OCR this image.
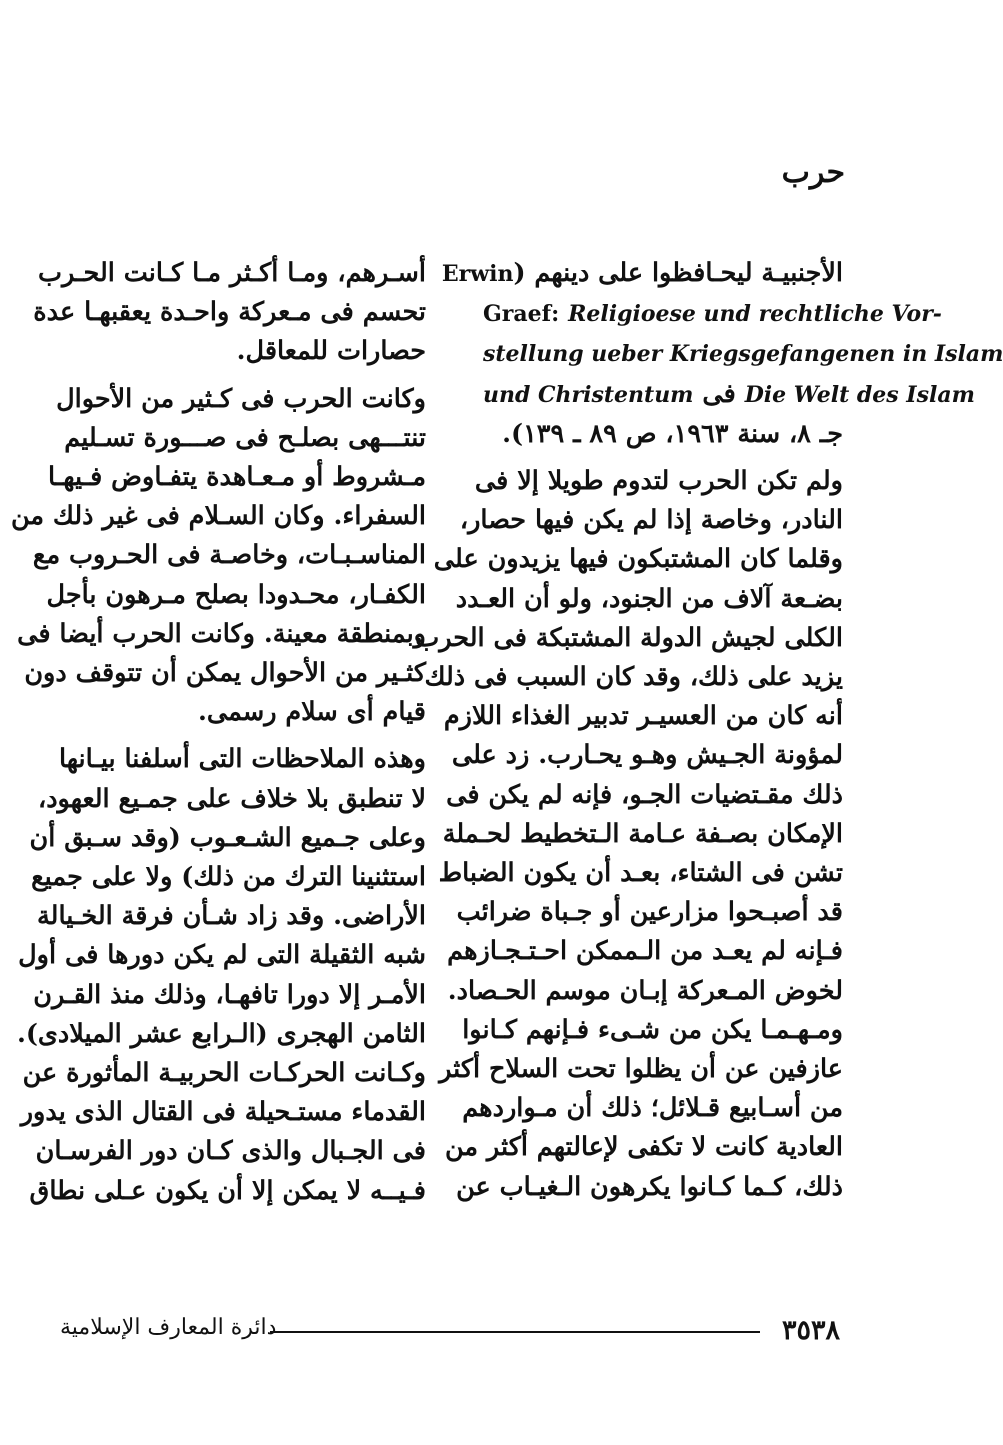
حرب
الأجنبيـة ليحـافظوا على دينهم (Erwin
Graef: Religioese und rechtliche Vor-
stellung ueber Kriegsgefangenen in Islam
und Christentum فى Die Welt des Islam
جـ ٨، سنة ١٩٦٣، ص ٨٩ ـ ١٣٩).
ولم تكن الحرب لتدوم طويلا إلا فى
النادر، وخاصة إذا لم يكن فيها حصار،
وقلما كان المشتبكون فيها يزيدون على
بضـعة آلاف من الجنود، ولو أن العـدد
الكلى لجيش الدولة المشتبكة فى الحرب
يزيد على ذلك، وقد كان السبب فى ذلك
أنه كان من العسيـر تدبير الغذاء اللازم
لمؤونة الجـيش وهـو يحـارب. زد على
ذلك مقـتضيات الجـو، فإنه لم يكن فى
الإمكان بصـفة عـامة الـتخطيط لحـملة
تشن فى الشتاء، بعـد أن يكون الضباط
قد أصبـحوا مزارعين أو جـباة ضرائب
فـإنه لم يعـد من الـممكن احـتـجـازهم
لخوض المـعركة إبـان موسم الحـصاد.
ومـهـمـا يكن من شـىء فـإنهم كـانوا
عازفين عن أن يظلوا تحت السلاح أكثر
من أسـابيع قـلائل؛ ذلك أن مـواردهم
العادية كانت لا تكفى لإعالتهم أكثر من
ذلك، كـما كـانوا يكرهون الـغيـاب عن
أسـرهم، ومـا أكـثر مـا كـانت الحـرب
تحسم فى مـعركة واحـدة يعقبهـا عدة
حصارات للمعاقل.
وكانت الحرب فى كـثير من الأحوال
تنتـــهى بصلـح فى صـــورة تسـليم
مـشروط أو مـعـاهدة يتفـاوض فـيهـا
السفراء. وكان السـلام فى غير ذلك من
المناسـبـات، وخاصـة فى الحـروب مع
الكفـار، محـدودا بصلح مـرهون بأجل
وبمنطقة معينة. وكانت الحرب أيضا فى
كثـير من الأحوال يمكن أن تتوقف دون
قيام أى سلام رسمى.
وهذه الملاحظات التى أسلفنا بيـانها
لا تنطبق بلا خلاف على جمـيع العهود،
وعلى جـميع الشـعـوب (وقد سـبق أن
استثنينا الترك من ذلك) ولا على جميع
الأراضى. وقد زاد شـأن فرقة الخـيالة
شبه الثقيلة التى لم يكن دورها فى أول
الأمـر إلا دورا تافهـا، وذلك منذ القـرن
الثامن الهجرى (الـرابع عشر الميلادى).
وكـانت الحركـات الحربيـة المأثورة عن
القدماء مستـحيلة فى القتال الذى يدور
فى الجـبال والذى كـان دور الفرسـان
فـيــه لا يمكن إلا أن يكون عـلى نطاق
٣٥٣٨
دائرة المعارف الإسلامية
